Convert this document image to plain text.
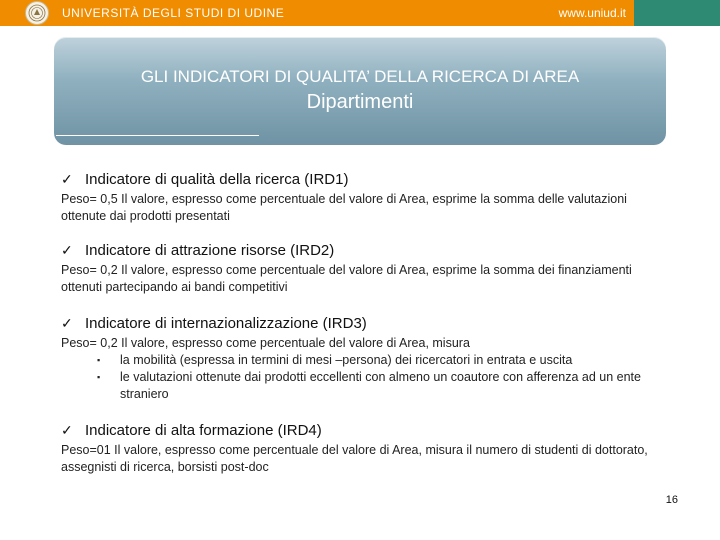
UNIVERSITÀ DEGLI STUDI DI UDINE	www.uniud.it
GLI INDICATORI DI QUALITA’ DELLA RICERCA DI AREA
Dipartimenti
✓ Indicatore di qualità della ricerca (IRD1)
Peso= 0,5 Il valore, espresso come percentuale del valore di Area, esprime la somma delle valutazioni ottenute dai prodotti presentati
✓ Indicatore di attrazione risorse (IRD2)
Peso= 0,2 Il valore, espresso come percentuale del valore di Area, esprime la somma dei finanziamenti ottenuti partecipando ai bandi competitivi
✓ Indicatore di internazionalizzazione (IRD3)
Peso= 0,2 Il valore, espresso come percentuale del valore di Area, misura
▪ la mobilità (espressa in termini di mesi –persona) dei ricercatori in entrata e uscita
▪ le valutazioni ottenute dai prodotti eccellenti con almeno un coautore con afferenza ad un ente straniero
✓ Indicatore di alta formazione (IRD4)
Peso=01 Il valore, espresso come percentuale del valore di Area, misura il numero di studenti di dottorato, assegnisti di ricerca, borsisti post-doc
16
